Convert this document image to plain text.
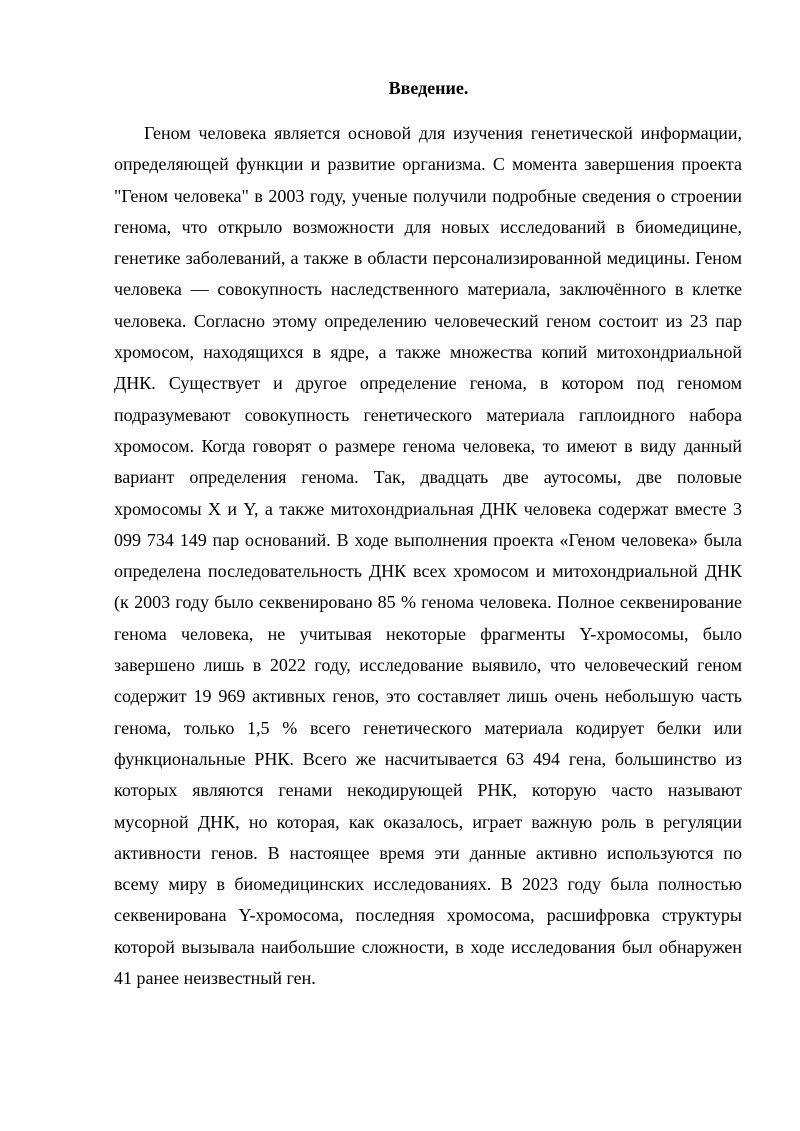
Введение.

Геном человека является основой для изучения генетической информации, определяющей функции и развитие организма. С момента завершения проекта "Геном человека" в 2003 году, ученые получили подробные сведения о строении генома, что открыло возможности для новых исследований в биомедицине, генетике заболеваний, а также в области персонализированной медицины. Геном человека — совокупность наследственного материала, заключённого в клетке человека. Согласно этому определению человеческий геном состоит из 23 пар хромосом, находящихся в ядре, а также множества копий митохондриальной ДНК. Существует и другое определение генома, в котором под геномом подразумевают совокупность генетического материала гаплоидного набора хромосом. Когда говорят о размере генома человека, то имеют в виду данный вариант определения генома. Так, двадцать две аутосомы, две половые хромосомы X и Y, а также митохондриальная ДНК человека содержат вместе 3 099 734 149 пар оснований. В ходе выполнения проекта «Геном человека» была определена последовательность ДНК всех хромосом и митохондриальной ДНК (к 2003 году было секвенировано 85 % генома человека. Полное секвенирование генома человека, не учитывая некоторые фрагменты Y-хромосомы, было завершено лишь в 2022 году, исследование выявило, что человеческий геном содержит 19 969 активных генов, это составляет лишь очень небольшую часть генома, только 1,5 % всего генетического материала кодирует белки или функциональные РНК. Всего же насчитывается 63 494 гена, большинство из которых являются генами некодирующей РНК, которую часто называют мусорной ДНК, но которая, как оказалось, играет важную роль в регуляции активности генов. В настоящее время эти данные активно используются по всему миру в биомедицинских исследованиях. В 2023 году была полностью секвенирована Y-хромосома, последняя хромосома, расшифровка структуры которой вызывала наибольшие сложности, в ходе исследования был обнаружен 41 ранее неизвестный ген.
